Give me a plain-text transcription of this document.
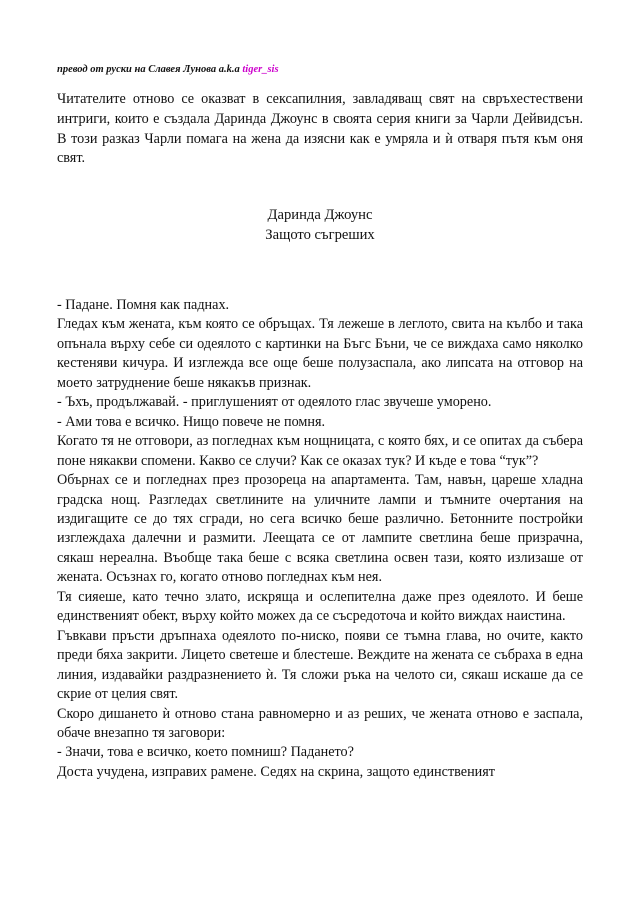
превод от руски на Славея Лунова a.k.a tiger_sis
Читателите отново се оказват в сексапилния, завладяващ свят на свръхестествени интриги, които е създала Даринда Джоунс в своята серия книги за Чарли Дейвидсън. В този разказ Чарли помага на жена да изясни как е умряла и ѝ отваря пътя към оня свят.
Даринда Джоунс
Защото съгреших

- Падане. Помня как паднах.

Гледах към жената, към която се обръщах. Тя лежеше в леглото, свита на кълбо и така опънала върху себе си одеялото с картинки на Бъгс Бъни, че се виждаха само няколко кестеняви кичура. И изглежда все още беше полузаспала, ако липсата на отговор на моето затруднение беше някакъв признак.

- Ъхъ, продължавай. - приглушеният от одеялото глас звучеше уморено.

- Ами това е всичко. Нищо повече не помня.

Когато тя не отговори, аз погледнах към нощницата, с която бях, и се опитах да събера поне някакви спомени. Какво се случи? Как се оказах тук? И къде е това “тук”?

Обърнах се и погледнах през прозореца на апартамента. Там, навън, цареше хладна градска нощ. Разгледах светлините на уличните лампи и тъмните очертания на издигащите се до тях сгради, но сега всичко беше различно. Бетонните постройки изглеждаха далечни и размити. Леещата се от лампите светлина беше призрачна, сякаш нереална. Въобще така беше с всяка светлина освен тази, която излизаше от жената. Осъзнах го, когато отново погледнах към нея.

Тя сияеше, като течно злато, искряща и ослепителна даже през одеялото. И беше единственият обект, върху който можех да се съсредоточа и който виждах наистина.

Гъвкави пръсти дръпнаха одеялото по-ниско, появи се тъмна глава, но очите, както преди бяха закрити. Лицето светеше и блестеше. Веждите на жената се събраха в една линия, издавайки раздразнението ѝ. Тя сложи ръка на челото си, сякаш искаше да се скрие от целия свят.

Скоро дишането ѝ отново стана равномерно и аз реших, че жената отново е заспала, обаче внезапно тя заговори:

- Значи, това е всичко, което помниш? Падането?

Доста учудена, изправих рамене. Седях на скрина, защото единственият
